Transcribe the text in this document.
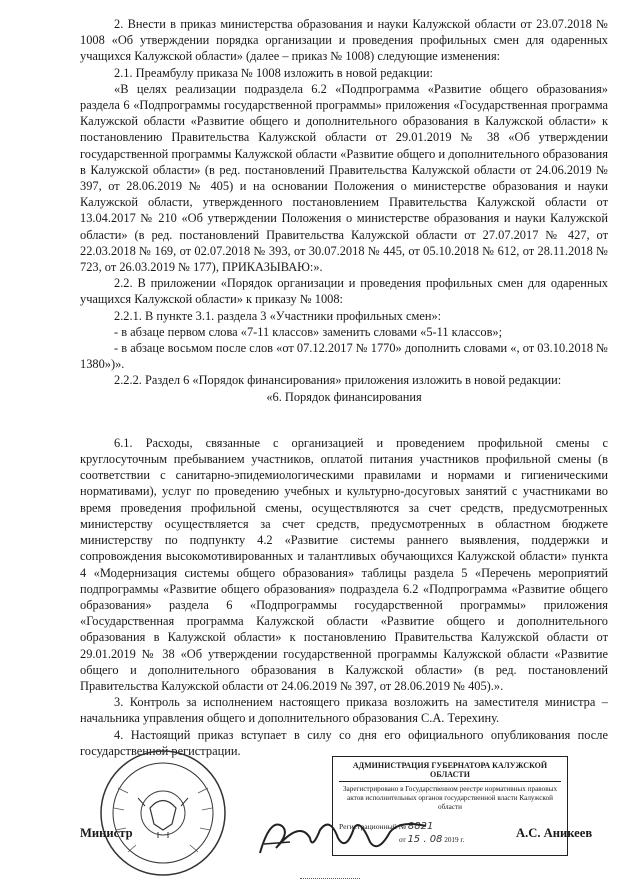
2. Внести в приказ министерства образования и науки Калужской области от 23.07.2018 № 1008 «Об утверждении порядка организации и проведения профильных смен для одаренных учащихся Калужской области» (далее – приказ № 1008) следующие изменения:

2.1. Преамбулу приказа № 1008 изложить в новой редакции:

«В целях реализации подраздела 6.2 «Подпрограмма «Развитие общего образования» раздела 6 «Подпрограммы государственной программы» приложения «Государственная программа Калужской области «Развитие общего и дополнительного образования в Калужской области» к постановлению Правительства Калужской области от 29.01.2019 № 38 «Об утверждении государственной программы Калужской области «Развитие общего и дополнительного образования в Калужской области» (в ред. постановлений Правительства Калужской области от 24.06.2019 № 397, от 28.06.2019 № 405) и на основании Положения о министерстве образования и науки Калужской области, утвержденного постановлением Правительства Калужской области от 13.04.2017 № 210 «Об утверждении Положения о министерстве образования и науки Калужской области» (в ред. постановлений Правительства Калужской области от 27.07.2017 № 427, от 22.03.2018 № 169, от 02.07.2018 № 393, от 30.07.2018 № 445, от 05.10.2018 № 612, от 28.11.2018 № 723, от 26.03.2019 № 177), ПРИКАЗЫВАЮ:».

2.2. В приложении «Порядок организации и проведения профильных смен для одаренных учащихся Калужской области» к приказу № 1008:

2.2.1. В пункте 3.1. раздела 3 «Участники профильных смен»:

- в абзаце первом слова «7-11 классов» заменить словами «5-11 классов»;

- в абзаце восьмом после слов «от 07.12.2017 № 1770» дополнить словами «, от 03.10.2018 № 1380»)».

2.2.2. Раздел 6 «Порядок финансирования» приложения изложить в новой редакции:

«6. Порядок финансирования

6.1. Расходы, связанные с организацией и проведением профильной смены с круглосуточным пребыванием участников, оплатой питания участников профильной смены (в соответствии с санитарно-эпидемиологическими правилами и нормами и гигиеническими нормативами), услуг по проведению учебных и культурно-досуговых занятий с участниками во время проведения профильной смены, осуществляются за счет средств, предусмотренных министерству осуществляется за счет средств, предусмотренных в областном бюджете министерству по подпункту 4.2 «Развитие системы раннего выявления, поддержки и сопровождения высокомотивированных и талантливых обучающихся Калужской области» пункта 4 «Модернизация системы общего образования» таблицы раздела 5 «Перечень мероприятий подпрограммы «Развитие общего образования» подраздела 6.2 «Подпрограмма «Развитие общего образования» раздела 6 «Подпрограммы государственной программы» приложения «Государственная программа Калужской области «Развитие общего и дополнительного образования в Калужской области» к постановлению Правительства Калужской области от 29.01.2019 № 38 «Об утверждении государственной программы Калужской области «Развитие общего и дополнительного образования в Калужской области» (в ред. постановлений Правительства Калужской области от 24.06.2019 № 397, от 28.06.2019 № 405).».

3. Контроль за исполнением настоящего приказа возложить на заместителя министра – начальника управления общего и дополнительного образования С.А. Терехину.

4. Настоящий приказ вступает в силу со дня его официального опубликования после государственной регистрации.

АДМИНИСТРАЦИЯ ГУБЕРНАТОРА КАЛУЖСКОЙ ОБЛАСТИ
Зарегистрировано в Государственном реестре нормативных правовых актов исполнительных органов государственной власти Калужской области
Регистрационный № 8821
от 15 . 08 2019 г.
Министр	А.С. Аникеев
